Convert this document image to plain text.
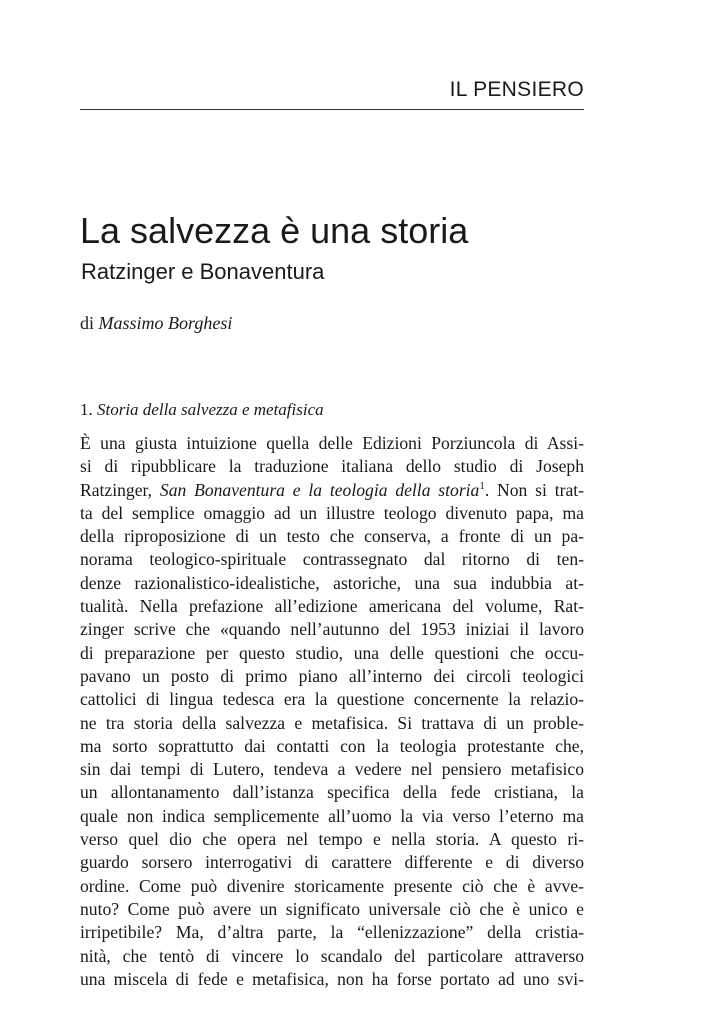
IL PENSIERO
La salvezza è una storia
Ratzinger e Bonaventura
di Massimo Borghesi
1. Storia della salvezza e metafisica
È una giusta intuizione quella delle Edizioni Porziuncola di Assi-
si di ripubblicare la traduzione italiana dello studio di Joseph
Ratzinger, San Bonaventura e la teologia della storia$^1$. Non si trat-
ta del semplice omaggio ad un illustre teologo divenuto papa, ma
della riproposizione di un testo che conserva, a fronte di un pa-
norama teologico-spirituale contrassegnato dal ritorno di ten-
denze razionalistico-idealistiche, astoriche, una sua indubbia at-
tualità. Nella prefazione all’edizione americana del volume, Rat-
zinger scrive che «quando nell’autunno del 1953 iniziai il lavoro
di preparazione per questo studio, una delle questioni che occu-
pavano un posto di primo piano all’interno dei circoli teologici
cattolici di lingua tedesca era la questione concernente la relazio-
ne tra storia della salvezza e metafisica. Si trattava di un proble-
ma sorto soprattutto dai contatti con la teologia protestante che,
sin dai tempi di Lutero, tendeva a vedere nel pensiero metafisico
un allontanamento dall’istanza specifica della fede cristiana, la
quale non indica semplicemente all’uomo la via verso l’eterno ma
verso quel dio che opera nel tempo e nella storia. A questo ri-
guardo sorsero interrogativi di carattere differente e di diverso
ordine. Come può divenire storicamente presente ciò che è avve-
nuto? Come può avere un significato universale ciò che è unico e
irripetibile? Ma, d’altra parte, la “ellenizzazione” della cristia-
nità, che tentò di vincere lo scandalo del particolare attraverso
una miscela di fede e metafisica, non ha forse portato ad uno svi-
